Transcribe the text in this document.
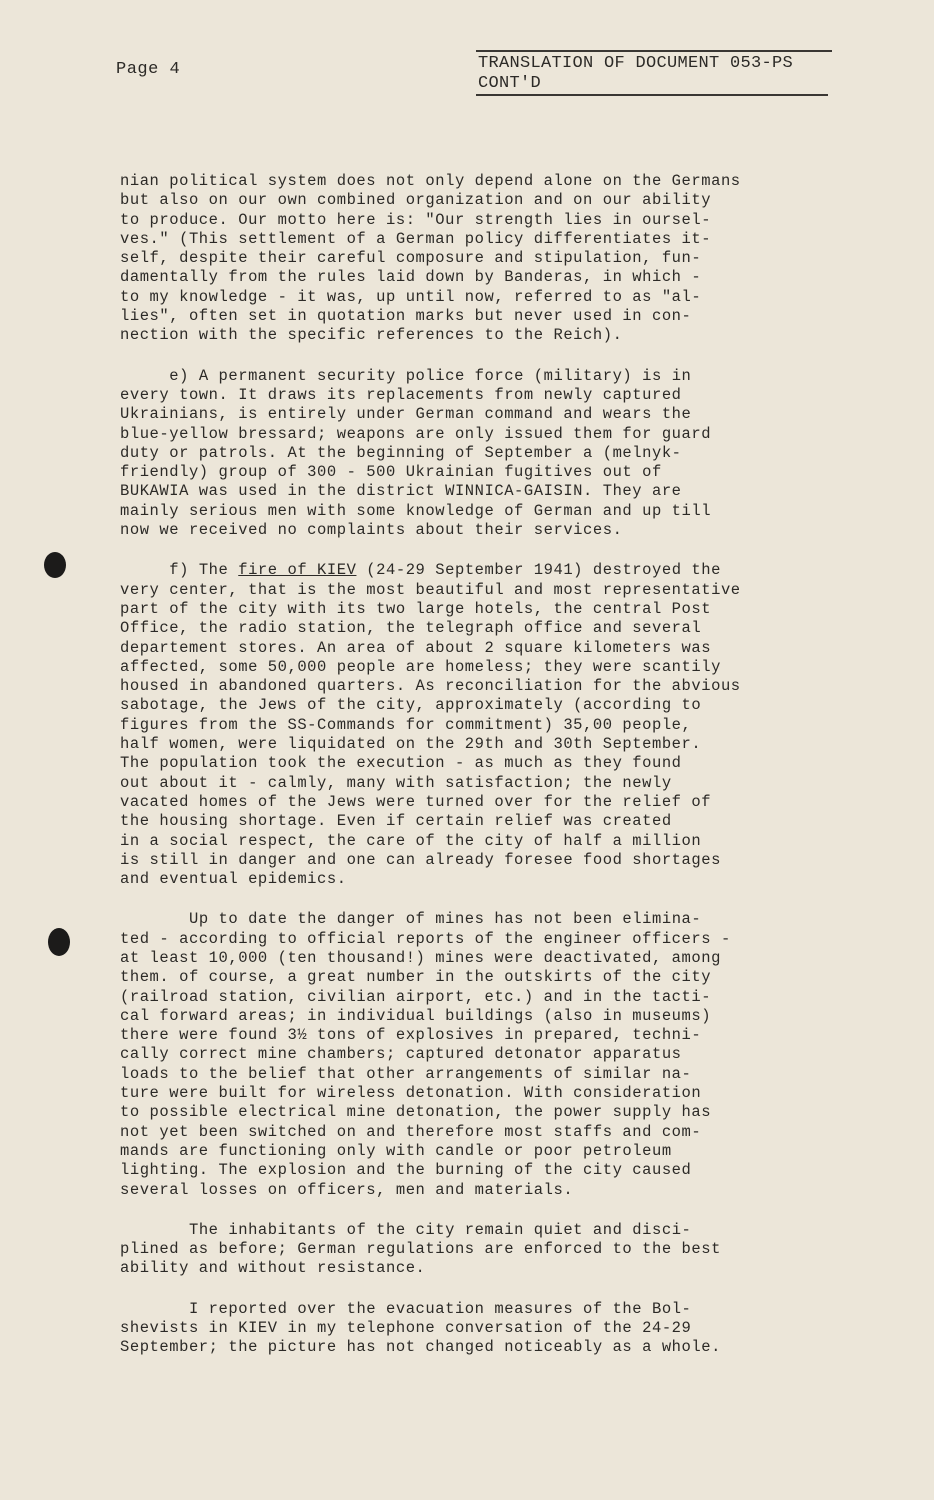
Page 4	TRANSLATION OF DOCUMENT 053-PS
CONT'D

nian political system does not only depend alone on the Germans

but also on our own combined organization and on our ability

to produce. Our motto here is: "Our strength lies in oursel-

ves." (This settlement of a German policy differentiates it-

self, despite their careful composure and stipulation, fun-

damentally from the rules laid down by Banderas, in which -

to my knowledge - it was, up until now, referred to as "al-

lies", often set in quotation marks but never used in con-

nection with the specific references to the Reich).

e) A permanent security police force (military) is in

every town. It draws its replacements from newly captured

Ukrainians, is entirely under German command and wears the

blue-yellow bressard; weapons are only issued them for guard

duty or patrols. At the beginning of September a (melnyk-

friendly) group of 300 - 500 Ukrainian fugitives out of

BUKAWIA was used in the district WINNICA-GAISIN. They are

mainly serious men with some knowledge of German and up till

now we received no complaints about their services.

f) The fire of KIEV (24-29 September 1941) destroyed the

very center, that is the most beautiful and most representative

part of the city with its two large hotels, the central Post

Office, the radio station, the telegraph office and several

departement stores. An area of about 2 square kilometers was

affected, some 50,000 people are homeless; they were scantily

housed in abandoned quarters. As reconciliation for the abvious

sabotage, the Jews of the city, approximately (according to

figures from the SS-Commands for commitment) 35,00 people,

half women, were liquidated on the 29th and 30th September.

The population took the execution - as much as they found

out about it - calmly, many with satisfaction; the newly

vacated homes of the Jews were turned over for the relief of

the housing shortage. Even if certain relief was created

in a social respect, the care of the city of half a million

is still in danger and one can already foresee food shortages

and eventual epidemics.

Up to date the danger of mines has not been elimina-

ted - according to official reports of the engineer officers -

at least 10,000 (ten thousand!) mines were deactivated, among

them. of course, a great number in the outskirts of the city

(railroad station, civilian airport, etc.) and in the tacti-

cal forward areas; in individual buildings (also in museums)

there were found 3½ tons of explosives in prepared, techni-

cally correct mine chambers; captured detonator apparatus

loads to the belief that other arrangements of similar na-

ture were built for wireless detonation. With consideration

to possible electrical mine detonation, the power supply has

not yet been switched on and therefore most staffs and com-

mands are functioning only with candle or poor petroleum

lighting. The explosion and the burning of the city caused

several losses on officers, men and materials.

The inhabitants of the city remain quiet and disci-

plined as before; German regulations are enforced to the best

ability and without resistance.

I reported over the evacuation measures of the Bol-

shevists in KIEV in my telephone conversation of the 24-29

September; the picture has not changed noticeably as a whole.
